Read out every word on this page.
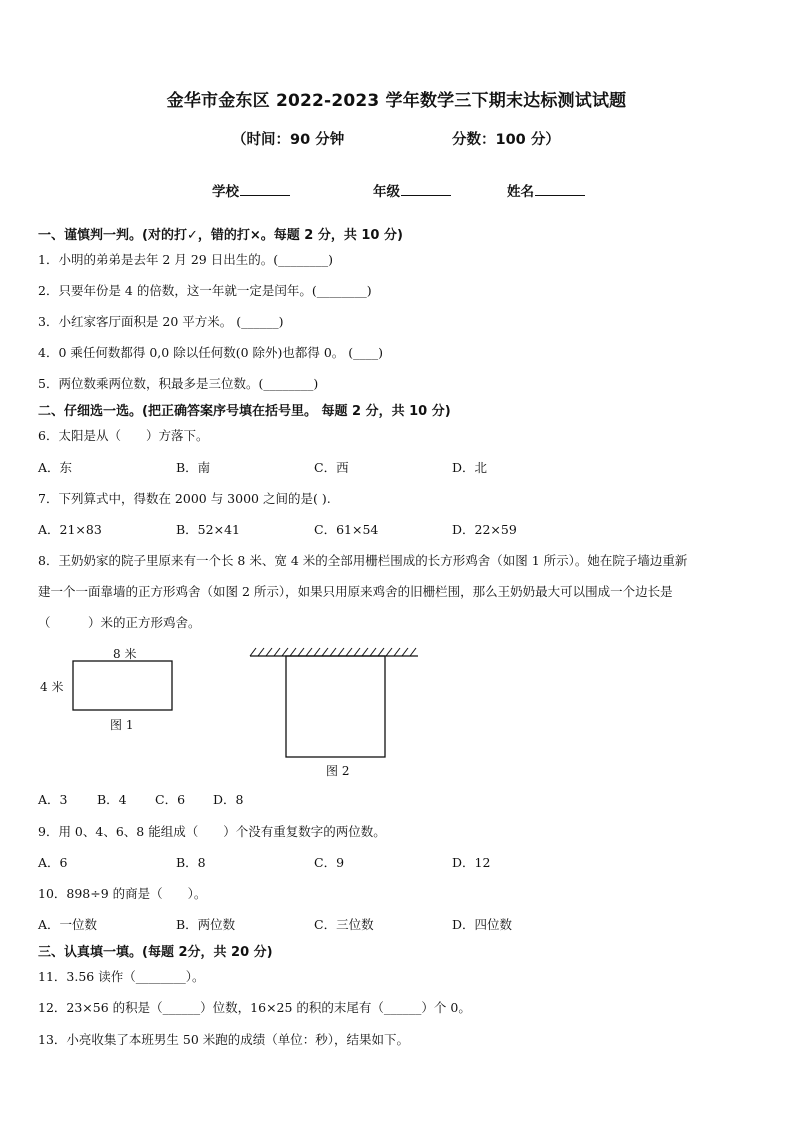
金华市金东区 2022-2023 学年数学三下期末达标测试试题
（时间：90 分钟	分数：100 分）
学校	年级	姓名
一、谨慎判一判。(对的打✓，错的打×。每题 2 分，共 10 分)
1．小明的弟弟是去年 2 月 29 日出生的。(________)
2．只要年份是 4 的倍数，这一年就一定是闰年。(________)
3．小红家客厅面积是 20 平方米。 (______)
4．0 乘任何数都得 0,0 除以任何数(0 除外)也都得 0。 (____)
5．两位数乘两位数，积最多是三位数。(________)
二、仔细选一选。(把正确答案序号填在括号里。 每题 2 分，共 10 分)
6．太阳是从（　　）方落下。
A．东	B．南	C．西	D．北
7．下列算式中，得数在 2000 与 3000 之间的是( ).
A．21×83	B．52×41	C．61×54	D．22×59
8．王奶奶家的院子里原来有一个长 8 米、宽 4 米的全部用栅栏围成的长方形鸡舍（如图 1 所示）。她在院子墙边重新
建一个一面靠墙的正方形鸡舍（如图 2 所示），如果只用原来鸡舍的旧栅栏围，那么王奶奶最大可以围成一个边长是
（　　　）米的正方形鸡舍。
8 米
4 米
图 1
图 2
A．3 B．4 C．6 D．8
9．用 0、4、6、8 能组成（　　）个没有重复数字的两位数。
A．6	B．8	C．9	D．12
10．898÷9 的商是（　　）。
A．一位数	B．两位数	C．三位数	D．四位数
三、认真填一填。(每题 2分，共 20 分)
11．3.56 读作（________）。
12．23×56 的积是（______）位数，16×25 的积的末尾有（______）个 0。
13．小亮收集了本班男生 50 米跑的成绩（单位：秒），结果如下。
